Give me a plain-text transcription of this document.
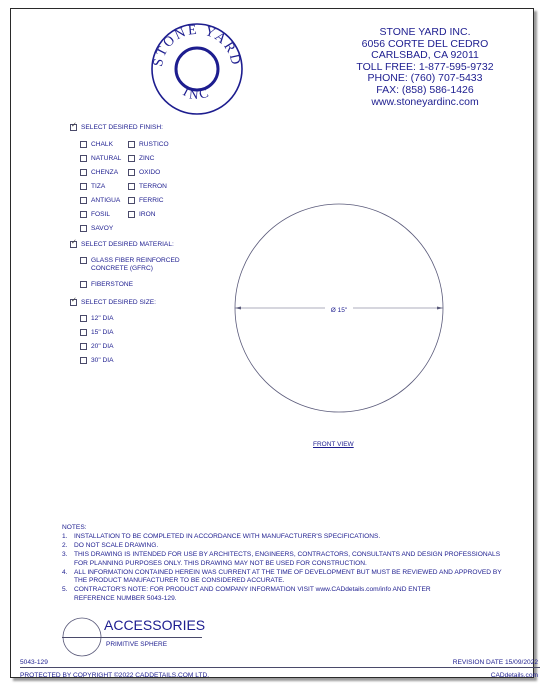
STONE YARD
INC
STONE YARD INC.
6056 CORTE DEL CEDRO
CARLSBAD, CA 92011
TOLL FREE: 1-877-595-9732
PHONE: (760) 707-5433
FAX: (858) 586-1426
www.stoneyardinc.com
✓
SELECT DESIRED FINISH:
CHALK
NATURAL
CHENZA
TIZA
ANTIGUA
FOSIL
SAVOY
RUSTICO
ZINC
OXIDO
TERRON
FERRIC
IRON
✓
SELECT DESIRED MATERIAL:
GLASS FIBER REINFORCED
CONCRETE (GFRC)
FIBERSTONE
✓
SELECT DESIRED SIZE:
12" DIA
15" DIA
20" DIA
30" DIA
Ø 15"
FRONT VIEW
NOTES:
1. INSTALLATION TO BE COMPLETED IN ACCORDANCE WITH MANUFACTURER'S SPECIFICATIONS.
2. DO NOT SCALE DRAWING.
3. THIS DRAWING IS INTENDED FOR USE BY ARCHITECTS, ENGINEERS, CONTRACTORS, CONSULTANTS AND DESIGN PROFESSIONALS
FOR PLANNING PURPOSES ONLY. THIS DRAWING MAY NOT BE USED FOR CONSTRUCTION.
4. ALL INFORMATION CONTAINED HEREIN WAS CURRENT AT THE TIME OF DEVELOPMENT BUT MUST BE REVIEWED AND APPROVED BY
THE PRODUCT MANUFACTURER TO BE CONSIDERED ACCURATE.
5. CONTRACTOR'S NOTE: FOR PRODUCT AND COMPANY INFORMATION VISIT www.CADdetails.com/info AND ENTER
REFERENCE NUMBER 5043-129.
ACCESSORIES
PRIMITIVE SPHERE
5043-129	REVISION DATE 15/09/2022
PROTECTED BY COPYRIGHT ©2022 CADDETAILS.COM LTD.	CADdetails.com
